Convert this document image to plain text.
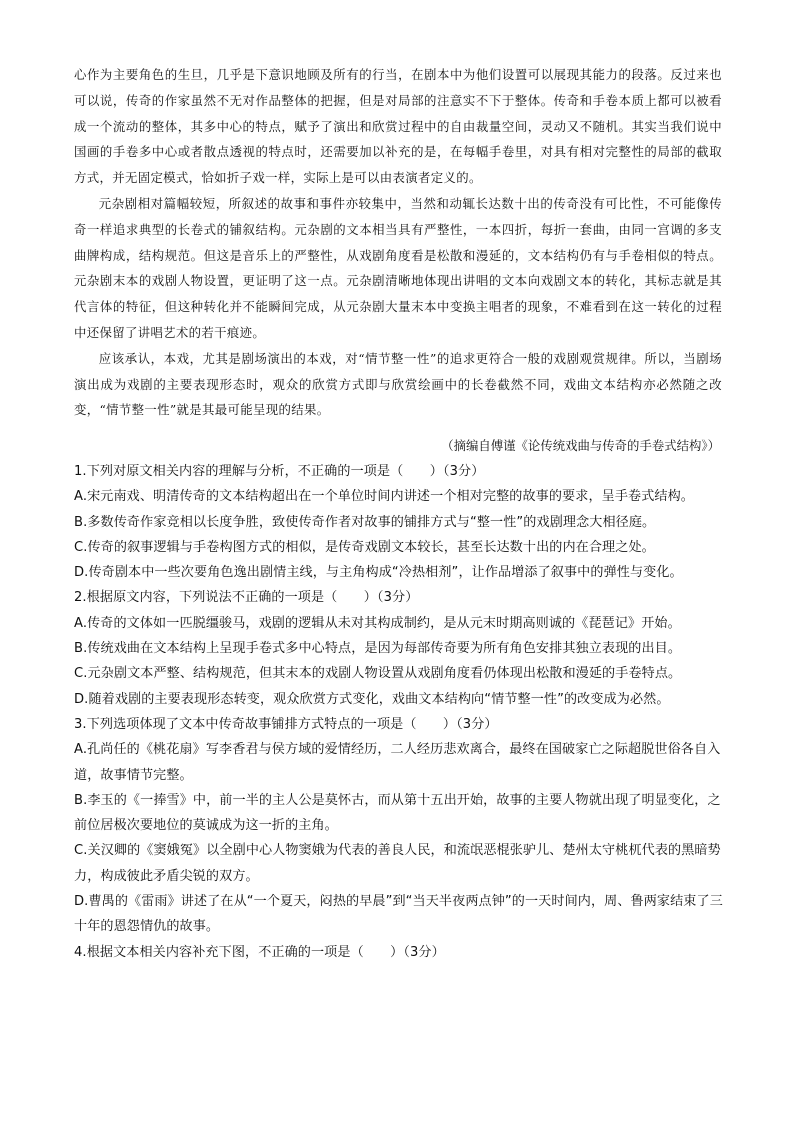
心作为主要角色的生旦，几乎是下意识地顾及所有的行当，在剧本中为他们设置可以展现其能力的段落。反过来也可以说，传奇的作家虽然不无对作品整体的把握，但是对局部的注意实不下于整体。传奇和手卷本质上都可以被看成一个流动的整体，其多中心的特点，赋予了演出和欣赏过程中的自由裁量空间，灵动又不随机。其实当我们说中国画的手卷多中心或者散点透视的特点时，还需要加以补充的是，在每幅手卷里，对具有相对完整性的局部的截取方式，并无固定模式，恰如折子戏一样，实际上是可以由表演者定义的。

元杂剧相对篇幅较短，所叙述的故事和事件亦较集中，当然和动辄长达数十出的传奇没有可比性，不可能像传奇一样追求典型的长卷式的铺叙结构。元杂剧的文本相当具有严整性，一本四折，每折一套曲，由同一宫调的多支曲牌构成，结构规范。但这是音乐上的严整性，从戏剧角度看是松散和漫延的，文本结构仍有与手卷相似的特点。元杂剧末本的戏剧人物设置，更证明了这一点。元杂剧清晰地体现出讲唱的文本向戏剧文本的转化，其标志就是其代言体的特征，但这种转化并不能瞬间完成，从元杂剧大量末本中变换主唱者的现象，不难看到在这一转化的过程中还保留了讲唱艺术的若干痕迹。

应该承认，本戏，尤其是剧场演出的本戏，对“情节整一性”的追求更符合一般的戏剧观赏规律。所以，当剧场演出成为戏剧的主要表现形态时，观众的欣赏方式即与欣赏绘画中的长卷截然不同，戏曲文本结构亦必然随之改变，“情节整一性”就是其最可能呈现的结果。

（摘编自傅谨《论传统戏曲与传奇的手卷式结构》）

1.下列对原文相关内容的理解与分析，不正确的一项是（　　）（3分）

A.宋元南戏、明清传奇的文本结构超出在一个单位时间内讲述一个相对完整的故事的要求，呈手卷式结构。

B.多数传奇作家竞相以长度争胜，致使传奇作者对故事的铺排方式与“整一性”的戏剧理念大相径庭。

C.传奇的叙事逻辑与手卷构图方式的相似，是传奇戏剧文本较长，甚至长达数十出的内在合理之处。

D.传奇剧本中一些次要角色逸出剧情主线，与主角构成“冷热相剂”，让作品增添了叙事中的弹性与变化。

2.根据原文内容，下列说法不正确的一项是（　　）（3分）

A.传奇的文体如一匹脱缰骏马，戏剧的逻辑从未对其构成制约，是从元末时期高则诚的《琵琶记》开始。

B.传统戏曲在文本结构上呈现手卷式多中心特点，是因为每部传奇要为所有角色安排其独立表现的出目。

C.元杂剧文本严整、结构规范，但其末本的戏剧人物设置从戏剧角度看仍体现出松散和漫延的手卷特点。

D.随着戏剧的主要表现形态转变，观众欣赏方式变化，戏曲文本结构向“情节整一性”的改变成为必然。

3.下列选项体现了文本中传奇故事铺排方式特点的一项是（　　）（3分）

A.孔尚任的《桃花扇》写李香君与侯方域的爱情经历，二人经历悲欢离合，最终在国破家亡之际超脱世俗各自入道，故事情节完整。

B.李玉的《一捧雪》中，前一半的主人公是莫怀古，而从第十五出开始，故事的主要人物就出现了明显变化，之前位居极次要地位的莫诚成为这一折的主角。

C.关汉卿的《窦娥冤》以全剧中心人物窦娥为代表的善良人民，和流氓恶棍张驴儿、楚州太守桃杌代表的黑暗势力，构成彼此矛盾尖锐的双方。

D.曹禺的《雷雨》讲述了在从“一个夏天，闷热的早晨”到“当天半夜两点钟”的一天时间内，周、鲁两家结束了三十年的恩怨情仇的故事。

4.根据文本相关内容补充下图，不正确的一项是（　　）（3分）
